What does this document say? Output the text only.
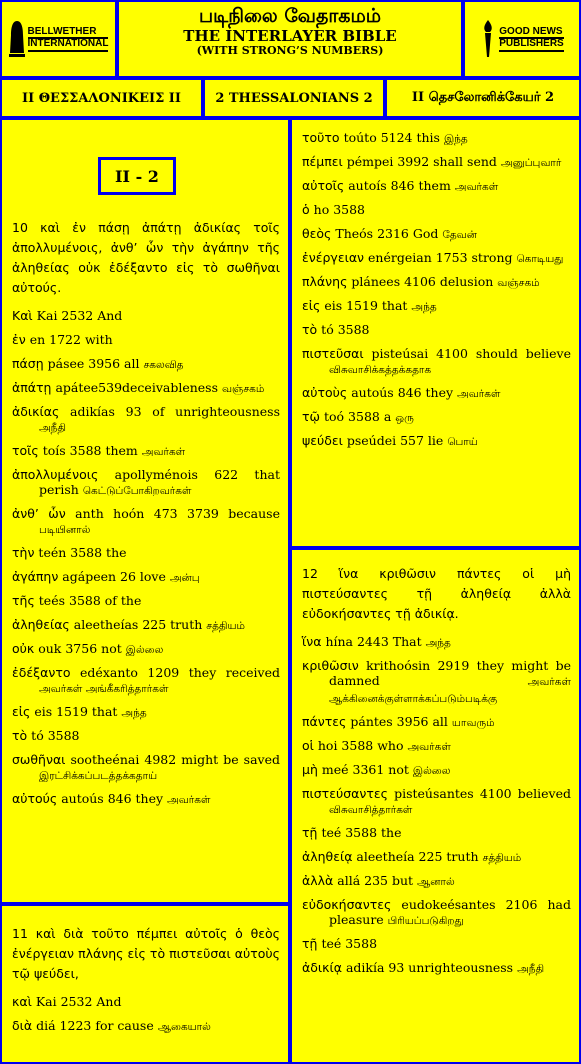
BELLWETHER
INTERNATIONAL
படிநிலை வேதாகமம்
THE INTERLAYER BIBLE
(WITH STRONG’S NUMBERS)
GOOD NEWS
PUBLISHERS
II ΘΕΣΣΑΛΟΝΙΚΕΙΣ II	2 THESSALONIANS 2	II தெசலோனிக்கேயர் 2
II - 2
10 καὶ ἐν πάσῃ ἀπάτῃ ἀδικίας τοῖς ἀπολλυμένοις, ἀνθ’ ὧν τὴν ἀγάπην τῆς ἀληθείας οὐκ ἐδέξαντο εἰς τὸ σωθῆναι αὐτούς.
Καὶ Kai 2532 And
ἐν en 1722 with
πάσῃ pásee 3956 all சகலவித
ἀπάτῃ apátee539deceivableness வஞ்சகம்
ἀδικίας adikías 93 of unrighteousness அநீதி
τοῖς toís 3588 them அவர்கள்
ἀπολλυμένοις apollyménois 622 that perish கெட்டுப்போகிறவர்கள்
ἀνθ’ ὧν anth hoón 473 3739 because படியினால்
τὴν teén 3588 the
ἀγάπην agápeen 26 love அன்பு
τῆς teés 3588 of the
ἀληθείας aleetheías 225 truth சத்தியம்
οὐκ ouk 3756 not இல்லை
ἐδέξαντο edéxanto 1209 they received அவர்கள் அங்கீகரித்தார்கள்
εἰς eis 1519 that அந்த
τὸ tó 3588
σωθῆναι sootheénai 4982 might be saved இரட்சிக்கப்படத்தக்கதாய்
αὐτούς autoús 846 they அவர்கள்
11 καὶ διὰ τοῦτο πέμπει αὐτοῖς ὁ θεὸς ἐνέργειαν πλάνης εἰς τὸ πιστεῦσαι αὐτοὺς τῷ ψεύδει,
καὶ Kai 2532 And
διὰ diá 1223 for cause ஆகையால்
τοῦτο toúto 5124 this இந்த
πέμπει pémpei 3992 shall send அனுப்புவார்
αὐτοῖς autoís 846 them அவர்கள்
ὁ ho 3588
θεὸς Theós 2316 God தேவன்
ἐνέργειαν enérgeian 1753 strong கொடியது
πλάνης plánees 4106 delusion வஞ்சகம்
εἰς eis 1519 that அந்த
τὸ tó 3588
πιστεῦσαι pisteúsai 4100 should believe விசுவாசிக்கத்தக்கதாக
αὐτοὺς autoús 846 they அவர்கள்
τῷ toó 3588 a ஒரு
ψεύδει pseúdei 557 lie பொய்
12 ἵνα κριθῶσιν πάντες οἱ μὴ πιστεύσαντες τῇ ἀληθείᾳ ἀλλὰ εὐδοκήσαντες τῇ ἀδικίᾳ.
ἵνα hína 2443 That அந்த
κριθῶσιν krithoósin 2919 they might be damned	அவர்கள் ஆக்கினைக்குள்ளாக்கப்படும்படிக்கு
πάντες pántes 3956 all யாவரும்
οἱ hoi 3588 who அவர்கள்
μὴ meé 3361 not இல்லை
πιστεύσαντες pisteúsantes 4100 believed விசுவாசித்தார்கள்
τῇ teé 3588 the
ἀληθείᾳ aleetheía 225 truth சத்தியம்
ἀλλὰ allá 235 but ஆனால்
εὐδοκήσαντες eudokeésantes 2106 had pleasure பிரியப்படுகிறது
τῇ teé 3588
ἀδικίᾳ adikía 93 unrighteousness அநீதி
